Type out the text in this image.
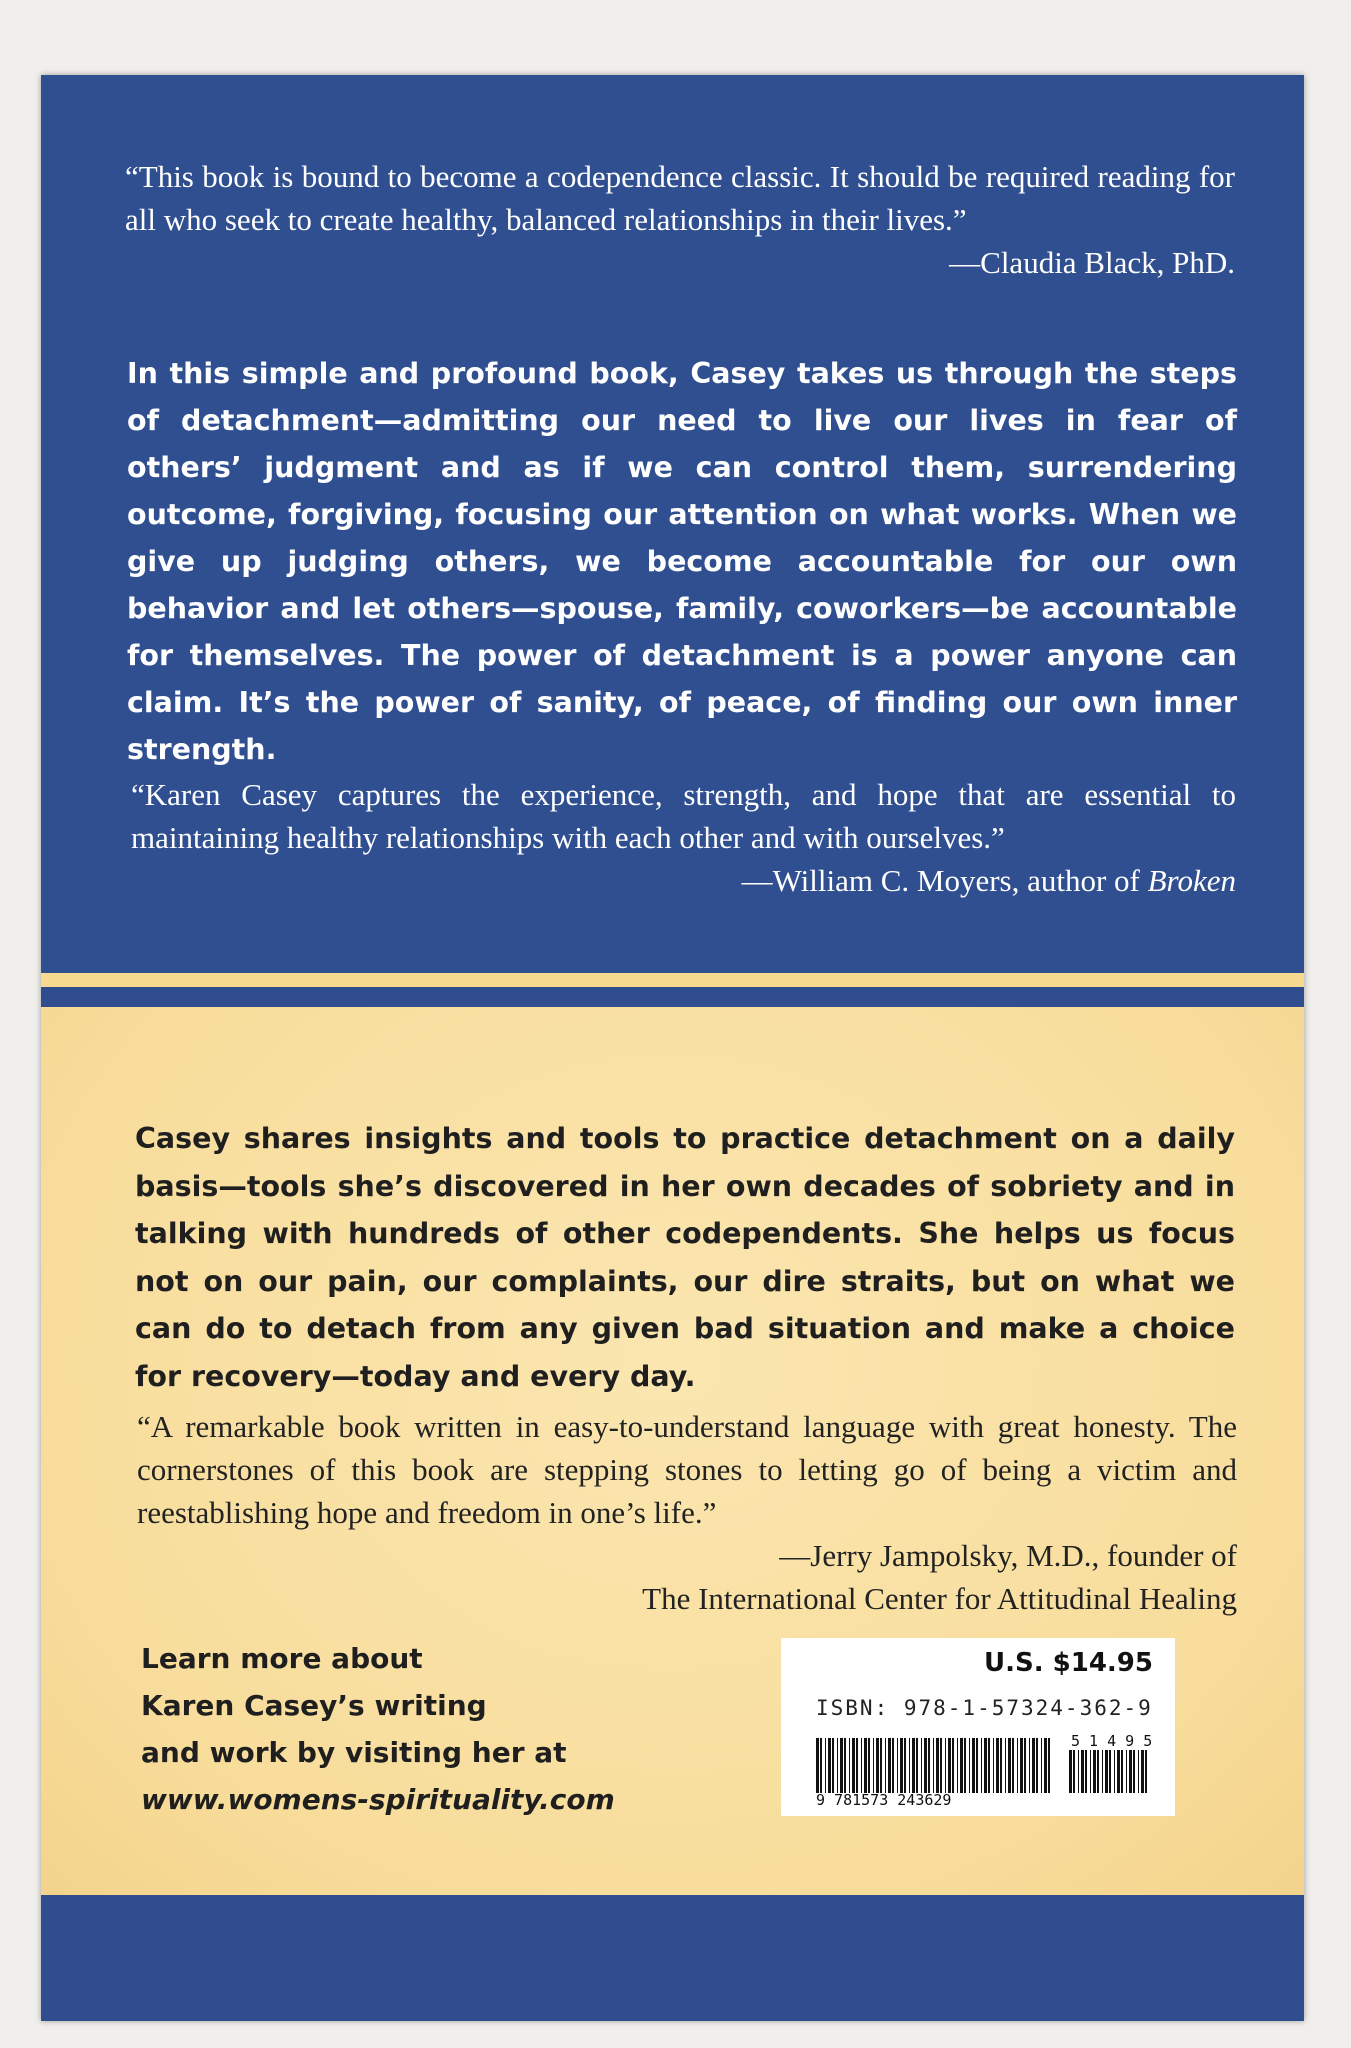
“This book is bound to become a codependence classic. It should be required reading for all who seek to create healthy, balanced relationships in their lives.”
—Claudia Black, PhD.
In this simple and profound book, Casey takes us through the steps of detachment—admitting our need to live our lives in fear of others’ judgment and as if we can control them, surrendering outcome, forgiving, focusing our attention on what works. When we give up judging others, we become accountable for our own behavior and let others—spouse, family, coworkers—be accountable for themselves. The power of detachment is a power anyone can claim. It’s the power of sanity, of peace, of finding our own inner strength.
“Karen Casey captures the experience, strength, and hope that are essential to maintaining healthy relationships with each other and with ourselves.”
—William C. Moyers, author of Broken
Casey shares insights and tools to practice detachment on a daily basis—tools she’s discovered in her own decades of sobriety and in talking with hundreds of other codependents. She helps us focus not on our pain, our complaints, our dire straits, but on what we can do to detach from any given bad situation and make a choice for recovery—today and every day.
“A remarkable book written in easy-to-understand language with great honesty. The cornerstones of this book are stepping stones to letting go of being a victim and reestablishing hope and freedom in one’s life.”
—Jerry Jampolsky, M.D., founder of
The International Center for Attitudinal Healing
Learn more about
Karen Casey’s writing
and work by visiting her at
www.womens-spirituality.com
U.S. $14.95
ISBN: 978-1-57324-362-9
9 781573 243629
5 1 4 9 5
